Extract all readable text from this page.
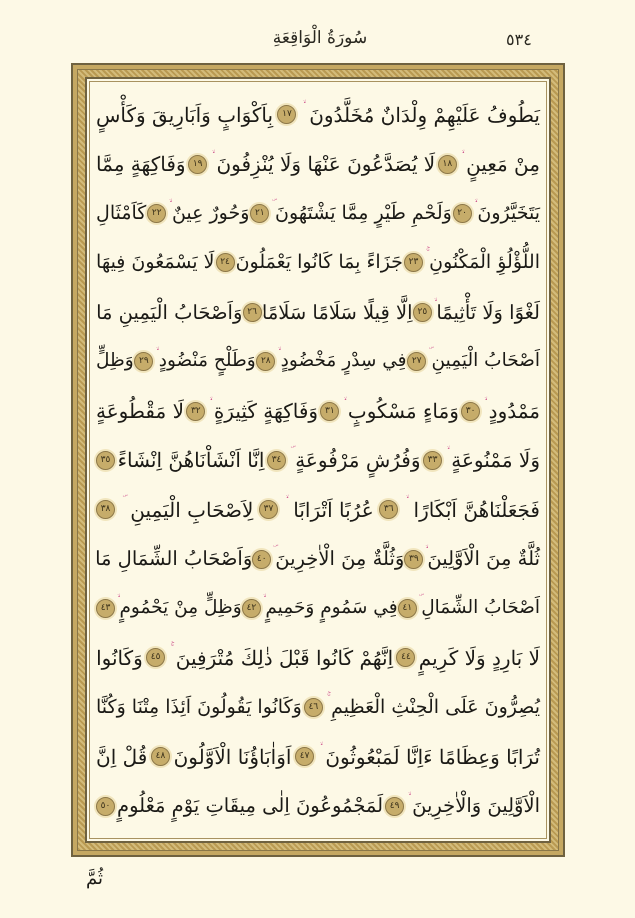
سُورَةُ الْوَاقِعَةِ	٥٣٤
يَطُوفُ عَلَيْهِمْ وِلْدَانٌ مُخَلَّدُونَ
١٧
بِاَكْوَابٍ وَاَبَارِيقَ وَكَأْسٍ
مِنْ مَعِينٍ
١٨
لَا يُصَدَّعُونَ عَنْهَا وَلَا يُنْزِفُونَ
١٩
وَفَاكِهَةٍ مِمَّا
يَتَخَيَّرُونَ
٢٠
وَلَحْمِ طَيْرٍ مِمَّا يَشْتَهُونَ
٢١
وَحُورٌ عِينٌ
٢٢
كَاَمْثَالِ
اللُّؤْلُؤِ الْمَكْنُونِ
٢٣
جَزَاءً بِمَا كَانُوا يَعْمَلُونَ
٢٤
لَا يَسْمَعُونَ فِيهَا
لَغْوًا وَلَا تَأْثِيمًا
٢٥
اِلَّا قِيلًا سَلَامًا سَلَامًا
٢٦
وَاَصْحَابُ الْيَمِينِ مَا
اَصْحَابُ الْيَمِينِ
٢٧
فِي سِدْرٍ مَخْضُودٍ
٢٨
وَطَلْحٍ مَنْضُودٍ
٢٩
وَظِلٍّ
مَمْدُودٍ
٣٠
وَمَاءٍ مَسْكُوبٍ
٣١
وَفَاكِهَةٍ كَثِيرَةٍ
٣٢
لَا مَقْطُوعَةٍ
وَلَا مَمْنُوعَةٍ
٣٣
وَفُرُشٍ مَرْفُوعَةٍ
٣٤
اِنَّا اَنْشَاْنَاهُنَّ اِنْشَاءً
٣٥
فَجَعَلْنَاهُنَّ اَبْكَارًا
٣٦
عُرُبًا اَتْرَابًا
٣٧
لِاَصْحَابِ الْيَمِينِ
٣٨
ثُلَّةٌ مِنَ الْاَوَّلِينَ
٣٩
وَثُلَّةٌ مِنَ الْاٰخِرِينَ
٤٠
وَاَصْحَابُ الشِّمَالِ مَا
اَصْحَابُ الشِّمَالِ
٤١
فِي سَمُومٍ وَحَمِيمٍ
٤٢
وَظِلٍّ مِنْ يَحْمُومٍ
٤٣
لَا بَارِدٍ وَلَا كَرِيمٍ
٤٤
اِنَّهُمْ كَانُوا قَبْلَ ذٰلِكَ مُتْرَفِينَ
٤٥
وَكَانُوا
يُصِرُّونَ عَلَى الْحِنْثِ الْعَظِيمِ
٤٦
وَكَانُوا يَقُولُونَ اَئِذَا مِتْنَا وَكُنَّا
تُرَابًا وَعِظَامًا ءَاِنَّا لَمَبْعُوثُونَ
٤٧
اَوَاٰبَاؤُنَا الْاَوَّلُونَ
٤٨
قُلْ اِنَّ
الْاَوَّلِينَ وَالْاٰخِرِينَ
٤٩
لَمَجْمُوعُونَ اِلٰى مِيقَاتِ يَوْمٍ مَعْلُومٍ
٥٠
ثُمَّ
